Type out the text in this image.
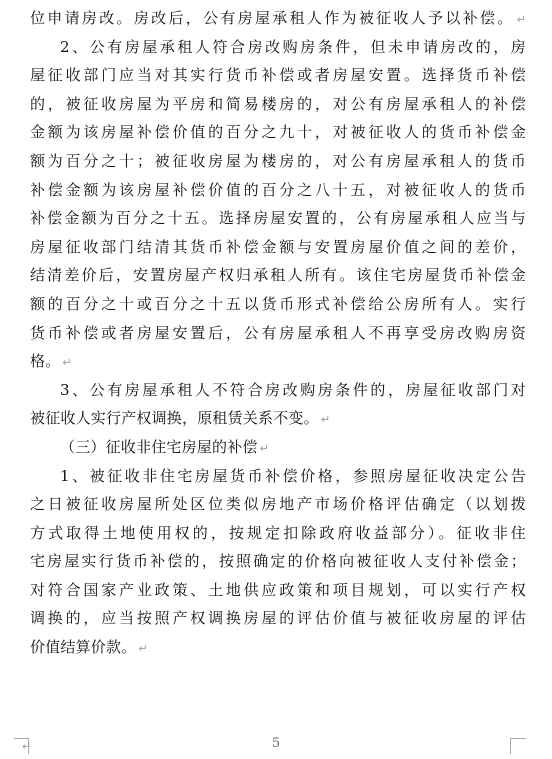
位申请房改。房改后，公有房屋承租人作为被征收人予以补偿。 ↵
2、公有房屋承租人符合房改购房条件，但未申请房改的，房
屋征收部门应当对其实行货币补偿或者房屋安置。选择货币补偿
的，被征收房屋为平房和简易楼房的，对公有房屋承租人的补偿
金额为该房屋补偿价值的百分之九十，对被征收人的货币补偿金
额为百分之十；被征收房屋为楼房的，对公有房屋承租人的货币
补偿金额为该房屋补偿价值的百分之八十五，对被征收人的货币
补偿金额为百分之十五。选择房屋安置的，公有房屋承租人应当与
房屋征收部门结清其货币补偿金额与安置房屋价值之间的差价，
结清差价后，安置房屋产权归承租人所有。该住宅房屋货币补偿金
额的百分之十或百分之十五以货币形式补偿给公房所有人。实行
货币补偿或者房屋安置后，公有房屋承租人不再享受房改购房资
格。 ↵
3、公有房屋承租人不符合房改购房条件的，房屋征收部门对
被征收人实行产权调换，原租赁关系不变。 ↵
（三）征收非住宅房屋的补偿 ↵
1、被征收非住宅房屋货币补偿价格，参照房屋征收决定公告
之日被征收房屋所处区位类似房地产市场价格评估确定（以划拨
方式取得土地使用权的，按规定扣除政府收益部分）。征收非住
宅房屋实行货币补偿的，按照确定的价格向被征收人支付补偿金；
对符合国家产业政策、土地供应政策和项目规划，可以实行产权
调换的，应当按照产权调换房屋的评估价值与被征收房屋的评估
价值结算价款。 ↵
↵	5
